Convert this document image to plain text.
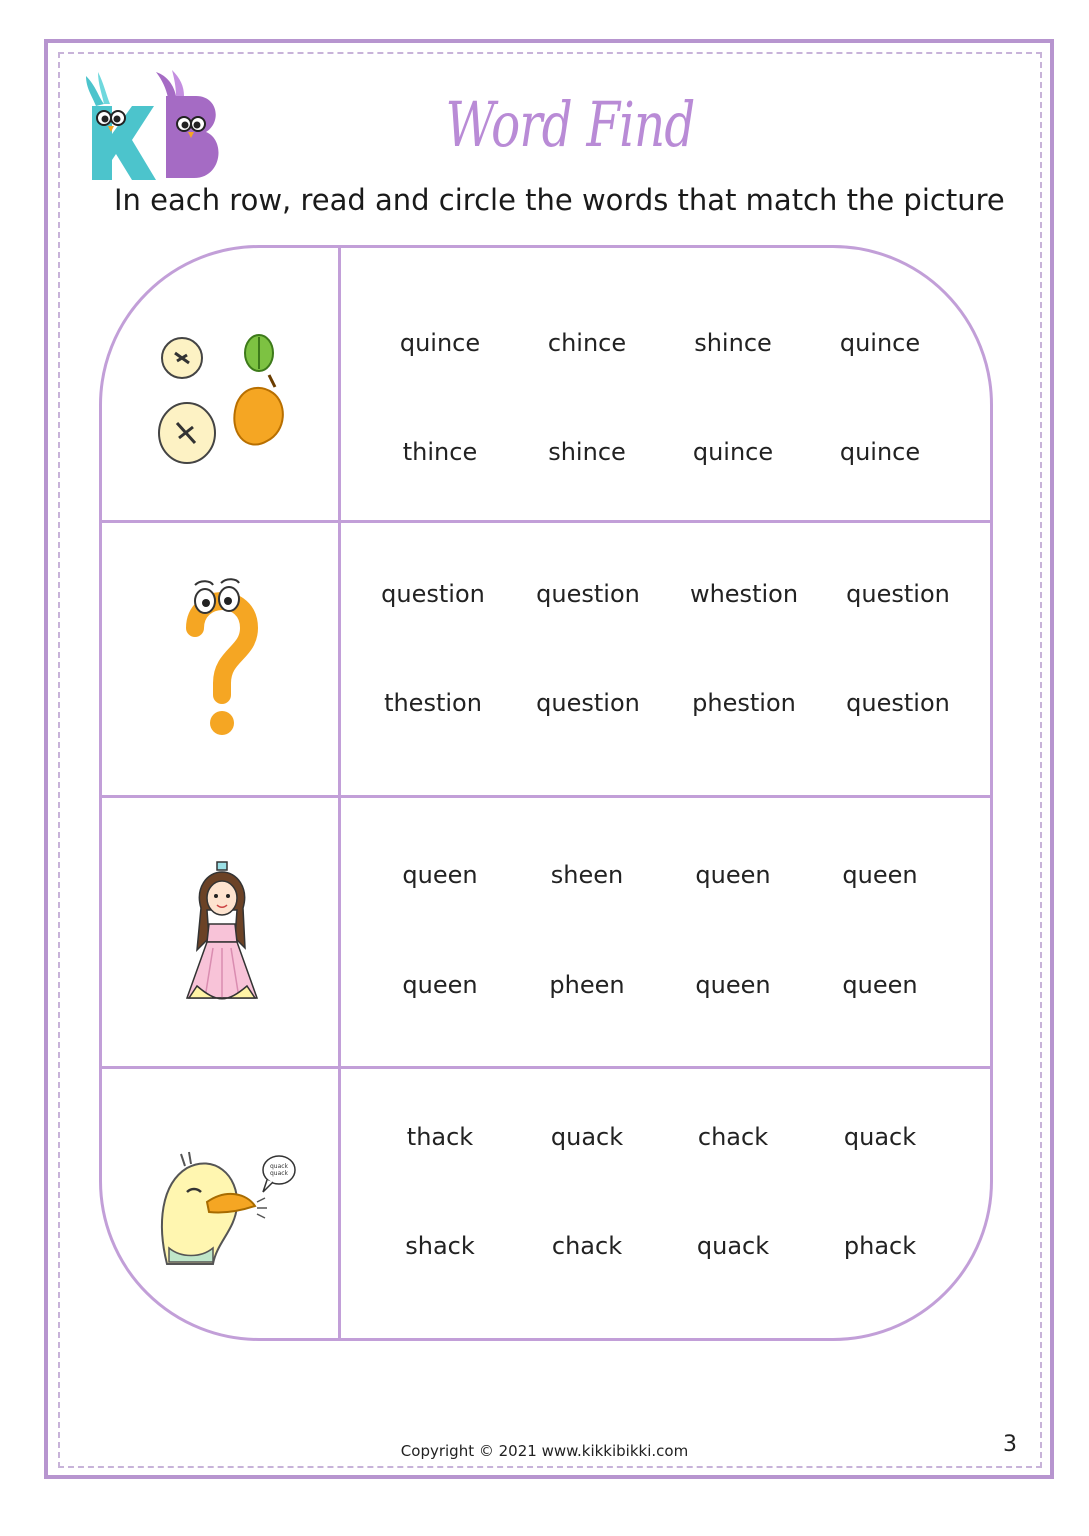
Word Find
In each row, read and circle the words that match the picture
quince	chince	shince	quince
thince	shince	quince	quince
question	question	whestion	question
thestion	question	phestion	question
queen	sheen	queen	queen
queen	pheen	queen	queen
quack
quack
thack	quack	chack	quack
shack	chack	quack	phack
Copyright © 2021 www.kikkibikki.com	3
